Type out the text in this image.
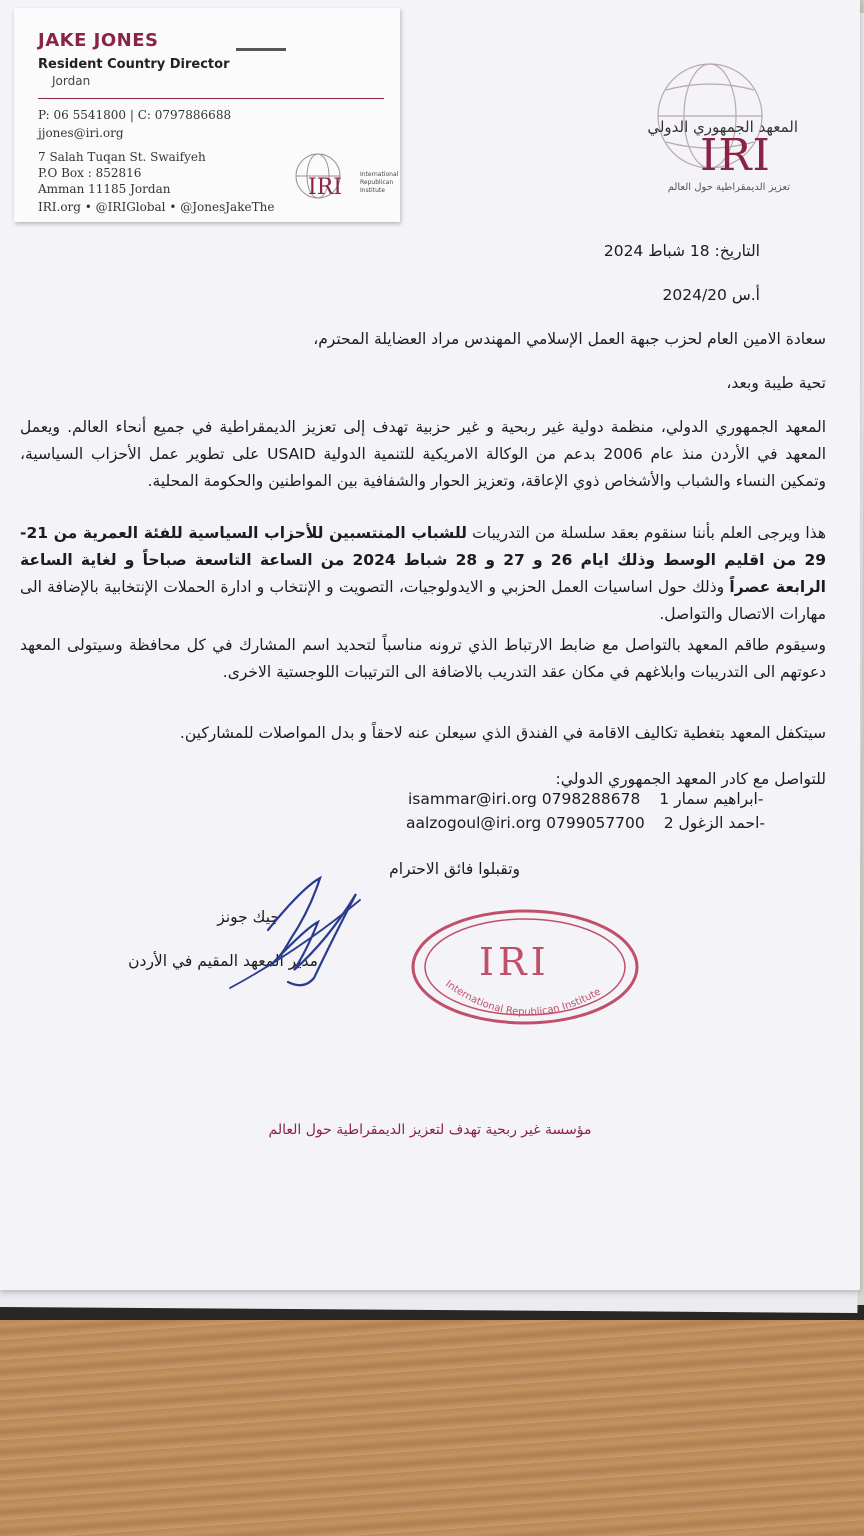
المعهد الجمهوري الدولي
IRI
تعزيز الديمقراطية حول العالم
التاريخ: 18 شباط 2024
أ.س 2024/20
سعادة الامين العام لحزب جبهة العمل الإسلامي المهندس مراد العضايلة المحترم،
تحية طيبة وبعد،
المعهد الجمهوري الدولي، منظمة دولية غير ربحية و غير حزبية تهدف إلى تعزيز الديمقراطية في جميع أنحاء العالم. ويعمل المعهد في الأردن منذ عام 2006 بدعم من الوكالة الامريكية للتنمية الدولية USAID على تطوير عمل الأحزاب السياسية، وتمكين النساء والشباب والأشخاص ذوي الإعاقة، وتعزيز الحوار والشفافية بين المواطنين والحكومة المحلية.
هذا ويرجى العلم بأننا سنقوم بعقد سلسلة من التدريبات للشباب المنتسبين للأحزاب السياسية للفئة العمرية من 21-29 من اقليم الوسط وذلك ايام 26 و 27 و 28 شباط 2024 من الساعة التاسعة صباحاً و لغاية الساعة الرابعة عصراً وذلك حول اساسيات العمل الحزبي و الايدولوجيات، التصويت و الإنتخاب و ادارة الحملات الإنتخابية بالإضافة الى مهارات الاتصال والتواصل.
وسيقوم طاقم المعهد بالتواصل مع ضابط الارتباط الذي ترونه مناسباً لتحديد اسم المشارك في كل محافظة وسيتولى المعهد دعوتهم الى التدريبات وابلاغهم في مكان عقد التدريب بالاضافة الى الترتيبات اللوجستية الاخرى.
سيتكفل المعهد بتغطية تكاليف الاقامة في الفندق الذي سيعلن عنه لاحقاً و بدل المواصلات للمشاركين.
للتواصل مع كادر المعهد الجمهوري الدولي:
isammar@iri.org 0798288678 ابراهيم سمار 1-
aalzogoul@iri.org 0799057700 احمد الزغول 2-
وتقبلوا فائق الاحترام
جيك جونز
مدير المعهد المقيم في الأردن	IRI
International Republican Institute
مؤسسة غير ربحية تهدف لتعزيز الديمقراطية حول العالم
JAKE JONES
Resident Country Director
Jordan
P: 06 5541800 | C: 0797886688
jjones@iri.org
7 Salah Tuqan St. Swaifyeh
P.O Box : 852816
Amman 11185 Jordan
IRI.org • @IRIGlobal • @JonesJakeThe
IRI
International
Republican
Institute
